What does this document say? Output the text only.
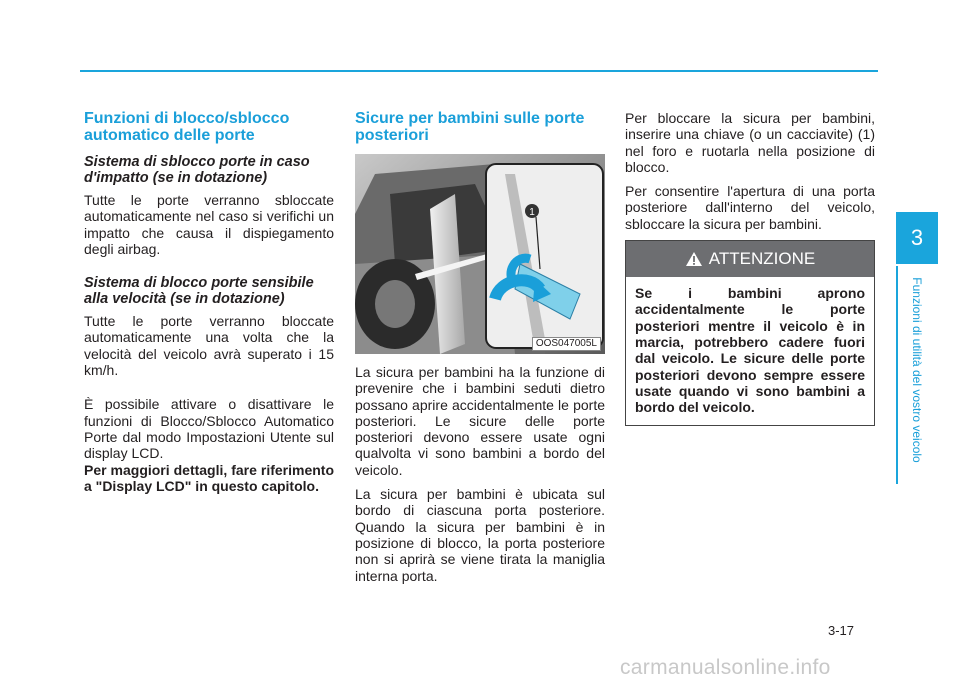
Funzioni di blocco/sblocco automatico delle porte
Sistema di sblocco porte in caso d'impatto (se in dotazione)

Tutte le porte verranno sbloccate automaticamente nel caso si verifichi un impatto che causa il dispiegamento degli airbag.

Sistema di blocco porte sensibile alla velocità (se in dotazione)

Tutte le porte verranno bloccate automaticamente una volta che la velocità del veicolo avrà superato i 15 km/h.

È possibile attivare o disattivare le funzioni di Blocco/Sblocco Automatico Porte dal modo Impostazioni Utente sul display LCD.

Per maggiori dettagli, fare riferimento a "Display LCD" in questo capitolo.

Sicure per bambini sulle porte posteriori
1
OOS047005L

La sicura per bambini ha la funzione di prevenire che i bambini seduti dietro possano aprire accidentalmente le porte posteriori. Le sicure delle porte posteriori devono essere usate ogni qualvolta vi sono bambini a bordo del veicolo.

La sicura per bambini è ubicata sul bordo di ciascuna porta posteriore. Quando la sicura per bambini è in posizione di blocco, la porta posteriore non si aprirà se viene tirata la maniglia interna porta.

Per bloccare la sicura per bambini, inserire una chiave (o un cacciavite) (1) nel foro e ruotarla nella posizione di blocco.

Per consentire l'apertura di una porta posteriore dall'interno del veicolo, sbloccare la sicura per bambini.

ATTENZIONE
Se i bambini aprono accidentalmente le porte posteriori mentre il veicolo è in marcia, potrebbero cadere fuori dal veicolo. Le sicure delle porte posteriori devono sempre essere usate quando vi sono bambini a bordo del veicolo.
3
Funzioni di utilità del vostro veicolo
3-17
carmanualsonline.info
